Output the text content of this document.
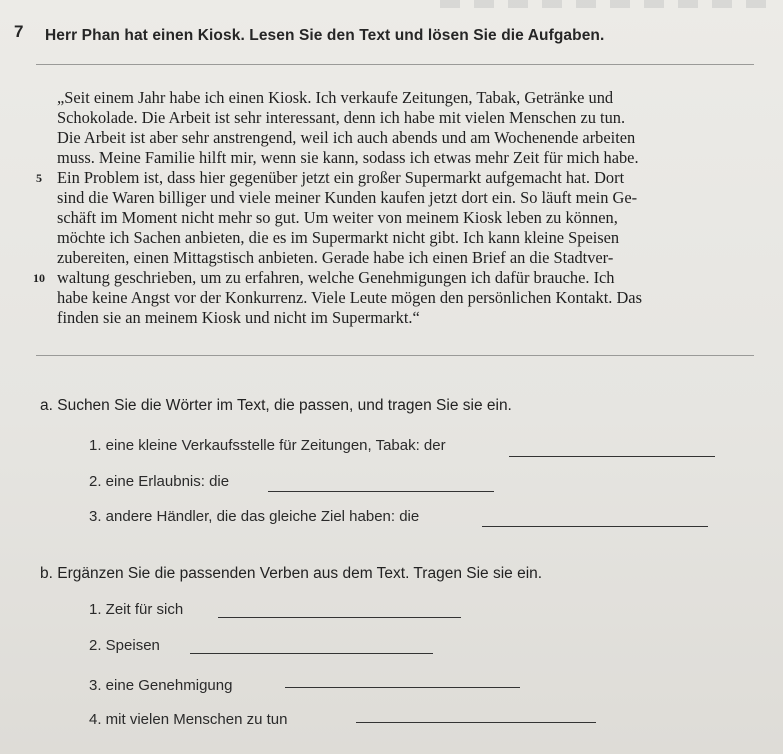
7 Herr Phan hat einen Kiosk. Lesen Sie den Text und lösen Sie die Aufgaben.
„Seit einem Jahr habe ich einen Kiosk. Ich verkaufe Zeitungen, Tabak, Getränke und
Schokolade. Die Arbeit ist sehr interessant, denn ich habe mit vielen Menschen zu tun.
Die Arbeit ist aber sehr anstrengend, weil ich auch abends und am Wochenende arbeiten
muss. Meine Familie hilft mir, wenn sie kann, sodass ich etwas mehr Zeit für mich habe.
5 Ein Problem ist, dass hier gegenüber jetzt ein großer Supermarkt aufgemacht hat. Dort
sind die Waren billiger und viele meiner Kunden kaufen jetzt dort ein. So läuft mein Ge-
schäft im Moment nicht mehr so gut. Um weiter von meinem Kiosk leben zu können,
möchte ich Sachen anbieten, die es im Supermarkt nicht gibt. Ich kann kleine Speisen
zubereiten, einen Mittagstisch anbieten. Gerade habe ich einen Brief an die Stadtver-
10 waltung geschrieben, um zu erfahren, welche Genehmigungen ich dafür brauche. Ich
habe keine Angst vor der Konkurrenz. Viele Leute mögen den persönlichen Kontakt. Das
finden sie an meinem Kiosk und nicht im Supermarkt.“
a. Suchen Sie die Wörter im Text, die passen, und tragen Sie sie ein.
1. eine kleine Verkaufsstelle für Zeitungen, Tabak: der
2. eine Erlaubnis: die
3. andere Händler, die das gleiche Ziel haben: die
b. Ergänzen Sie die passenden Verben aus dem Text. Tragen Sie sie ein.
1. Zeit für sich
2. Speisen
3. eine Genehmigung
4. mit vielen Menschen zu tun
